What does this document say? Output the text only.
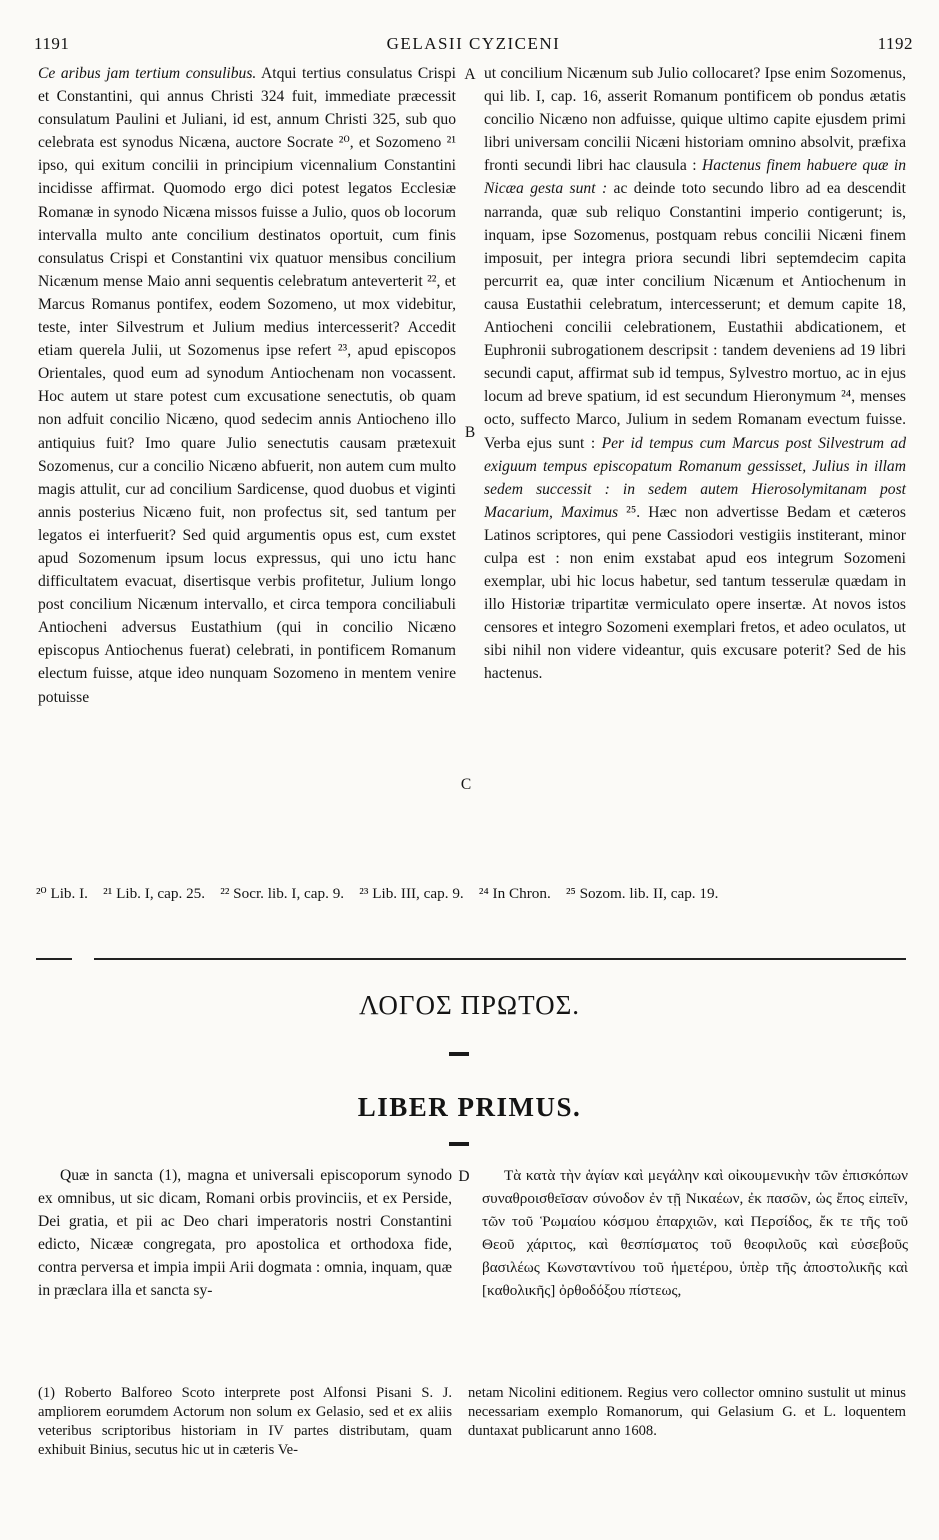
1191	GELASII CYZICENI	1192

Ce aribus jam tertium consulibus. Atqui tertius consulatus Crispi et Constantini, qui annus Christi 324 fuit, immediate præcessit consulatum Paulini et Juliani, id est, annum Christi 325, sub quo celebrata est synodus Nicæna, auctore Socrate ²⁰, et Sozomeno ²¹ ipso, qui exitum concilii in principium vicennalium Constantini incidisse affirmat. Quomodo ergo dici potest legatos Ecclesiæ Romanæ in synodo Nicæna missos fuisse a Julio, quos ob locorum intervalla multo ante concilium destinatos oportuit, cum finis consulatus Crispi et Constantini vix quatuor mensibus concilium Nicænum mense Maio anni sequentis celebratum anteverterit ²², et Marcus Romanus pontifex, eodem Sozomeno, ut mox videbitur, teste, inter Silvestrum et Julium medius intercesserit? Accedit etiam querela Julii, ut Sozomenus ipse refert ²³, apud episcopos Orientales, quod eum ad synodum Antiochenam non vocassent. Hoc autem ut stare potest cum excusatione senectutis, ob quam non adfuit concilio Nicæno, quod sedecim annis Antiocheno illo antiquius fuit? Imo quare Julio senectutis causam prætexuit Sozomenus, cur a concilio Nicæno abfuerit, non autem cum multo magis attulit, cur ad concilium Sardicense, quod duobus et viginti annis posterius Nicæno fuit, non profectus sit, sed tantum per legatos ei interfuerit? Sed quid argumentis opus est, cum exstet apud Sozomenum ipsum locus expressus, qui uno ictu hanc difficultatem evacuat, disertisque verbis profitetur, Julium longo post concilium Nicænum intervallo, et circa tempora conciliabuli Antiocheni adversus Eustathium (qui in concilio Nicæno episcopus Antiochenus fuerat) celebrati, in pontificem Romanum electum fuisse, atque ideo nunquam Sozomeno in mentem venire potuisse

A
B
C

ut concilium Nicænum sub Julio collocaret? Ipse enim Sozomenus, qui lib. I, cap. 16, asserit Romanum pontificem ob pondus ætatis concilio Nicæno non adfuisse, quique ultimo capite ejusdem primi libri universam concilii Nicæni historiam omnino absolvit, præfixa fronti secundi libri hac clausula : Hactenus finem habuere quæ in Nicæa gesta sunt : ac deinde toto secundo libro ad ea descendit narranda, quæ sub reliquo Constantini imperio contigerunt; is, inquam, ipse Sozomenus, postquam rebus concilii Nicæni finem imposuit, per integra priora secundi libri septemdecim capita percurrit ea, quæ inter concilium Nicænum et Antiochenum in causa Eustathii celebratum, intercesserunt; et demum capite 18, Antiocheni concilii celebrationem, Eustathii abdicationem, et Euphronii subrogationem descripsit : tandem deveniens ad 19 libri secundi caput, affirmat sub id tempus, Sylvestro mortuo, ac in ejus locum ad breve spatium, id est secundum Hieronymum ²⁴, menses octo, suffecto Marco, Julium in sedem Romanam evectum fuisse. Verba ejus sunt : Per id tempus cum Marcus post Silvestrum ad exiguum tempus episcopatum Romanum gessisset, Julius in illam sedem successit : in sedem autem Hierosolymitanam post Macarium, Maximus ²⁵. Hæc non advertisse Bedam et cæteros Latinos scriptores, qui pene Cassiodori vestigiis institerant, minor culpa est : non enim exstabat apud eos integrum Sozomeni exemplar, ubi hic locus habetur, sed tantum tesserulæ quædam in illo Historiæ tripartitæ vermiculato opere insertæ. At novos istos censores et integro Sozomeni exemplari fretos, et adeo oculatos, ut sibi nihil non videre videantur, quis excusare poterit? Sed de his hactenus.

²⁰ Lib. I. ²¹ Lib. I, cap. 25. ²² Socr. lib. I, cap. 9. ²³ Lib. III, cap. 9. ²⁴ In Chron. ²⁵ Sozom. lib. II, cap. 19.
ΛΟΓΟΣ ΠΡΩΤΟΣ.
LIBER PRIMUS.

Quæ in sancta (1), magna et universali episcoporum synodo ex omnibus, ut sic dicam, Romani orbis provinciis, et ex Perside, Dei gratia, et pii ac Deo chari imperatoris nostri Constantini edicto, Nicææ congregata, pro apostolica et orthodoxa fide, contra perversa et impia impii Arii dogmata : omnia, inquam, quæ in præclara illa et sancta sy-

D	Τὰ κατὰ τὴν ἁγίαν καὶ μεγάλην καὶ οἰκουμενικὴν τῶν ἐπισκόπων συναθροισθεῖσαν σύνοδον ἐν τῇ Νικαέων, ἐκ πασῶν, ὡς ἔπος εἰπεῖν, τῶν τοῦ Ῥωμαίου κόσμου ἐπαρχιῶν, καὶ Περσίδος, ἔκ τε τῆς τοῦ Θεοῦ χάριτος, καὶ θεσπίσματος τοῦ θεοφιλοῦς καὶ εὐσεβοῦς βασιλέως Κωνσταντίνου τοῦ ἡμετέρου, ὑπὲρ τῆς ἀποστολικῆς καὶ [καθολικῆς] ὀρθοδόξου πίστεως,

(1) Roberto Balforeo Scoto interprete post Alfonsi Pisani S. J. ampliorem eorumdem Actorum non solum ex Gelasio, sed et ex aliis veteribus scriptoribus historiam in IV partes distributam, quam exhibuit Binius, secutus hic ut in cæteris Ve-
netam Nicolini editionem. Regius vero collector omnino sustulit ut minus necessariam exemplo Romanorum, qui Gelasium G. et L. loquentem duntaxat publicarunt anno 1608.
